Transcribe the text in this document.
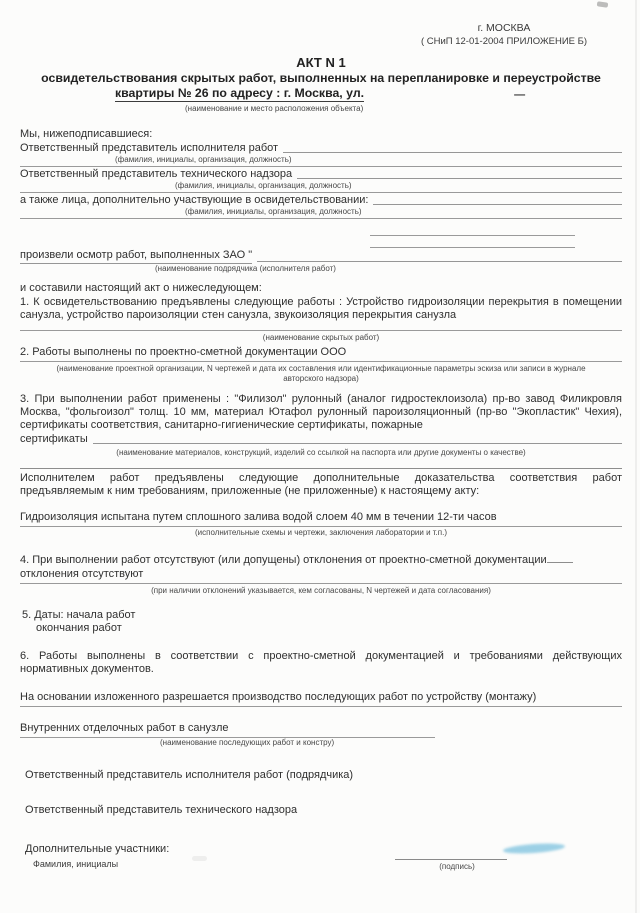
г. МОСКВА
( СНиП 12-01-2004 ПРИЛОЖЕНИЕ Б)
АКТ N 1
освидетельствования скрытых работ, выполненных на перепланировке и переустройстве
квартиры № 26 по адресу : г. Москва, ул.	—
(наименование и место расположения объекта)
Мы, нижеподписавшиеся:
Ответственный представитель исполнителя работ
(фамилия, инициалы, организация, должность)
Ответственный представитель технического надзора
(фамилия, инициалы, организация, должность)
а также лица, дополнительно участвующие в освидетельствовании:
(фамилия, инициалы, организация, должность)
произвели осмотр работ, выполненных ЗАО "
(наименование подрядчика (исполнителя работ)
и составили настоящий акт о нижеследующем:

1. К освидетельствованию предъявлены следующие работы : Устройство гидроизоляции перекрытия в помещении санузла, устройство пароизоляции стен санузла, звукоизоляция перекрытия санузла

(наименование скрытых работ)
2. Работы выполнены по проектно-сметной документации ООО
(наименование проектной организации, N чертежей и дата их составления или идентификационные параметры эскиза или записи в журнале авторского надзора)

3. При выполнении работ применены : "Филизол" рулонный (аналог гидростеклоизола) пр-во завод Филикровля Москва, "фольгоизол" толщ. 10 мм, материал Ютафол рулонный пароизоляционный (пр-во "Экопластик" Чехия), сертификаты соответствия, санитарно-гигиенические сертификаты, пожарные

сертификаты
(наименование материалов, конструкций, изделий со ссылкой на паспорта или другие документы о качестве)

Исполнителем работ предъявлены следующие дополнительные доказательства соответствия работ предъявляемым к ним требованиям, приложенные (не приложенные) к настоящему акту:

Гидроизоляция испытана путем сплошного залива водой слоем 40 мм в течении 12-ти часов
(исполнительные схемы и чертежи, заключения лаборатории и т.п.)
4. При выполнении работ отсутствуют (или допущены) отклонения от проектно-сметной документации
отклонения отсутствуют
(при наличии отклонений указывается, кем согласованы, N чертежей и дата согласования)
5. Даты: начала работ
окончания работ

6. Работы выполнены в соответствии с проектно-сметной документацией и требованиями действующих нормативных документов.

На основании изложенного разрешается производство последующих работ по устройству (монтажу)
Внутренних отделочных работ в санузле
(наименование последующих работ и констру)
Ответственный представитель исполнителя работ (подрядчика)
Ответственный представитель технического надзора
Дополнительные участники:
Фамилия, инициалы	(подпись)
